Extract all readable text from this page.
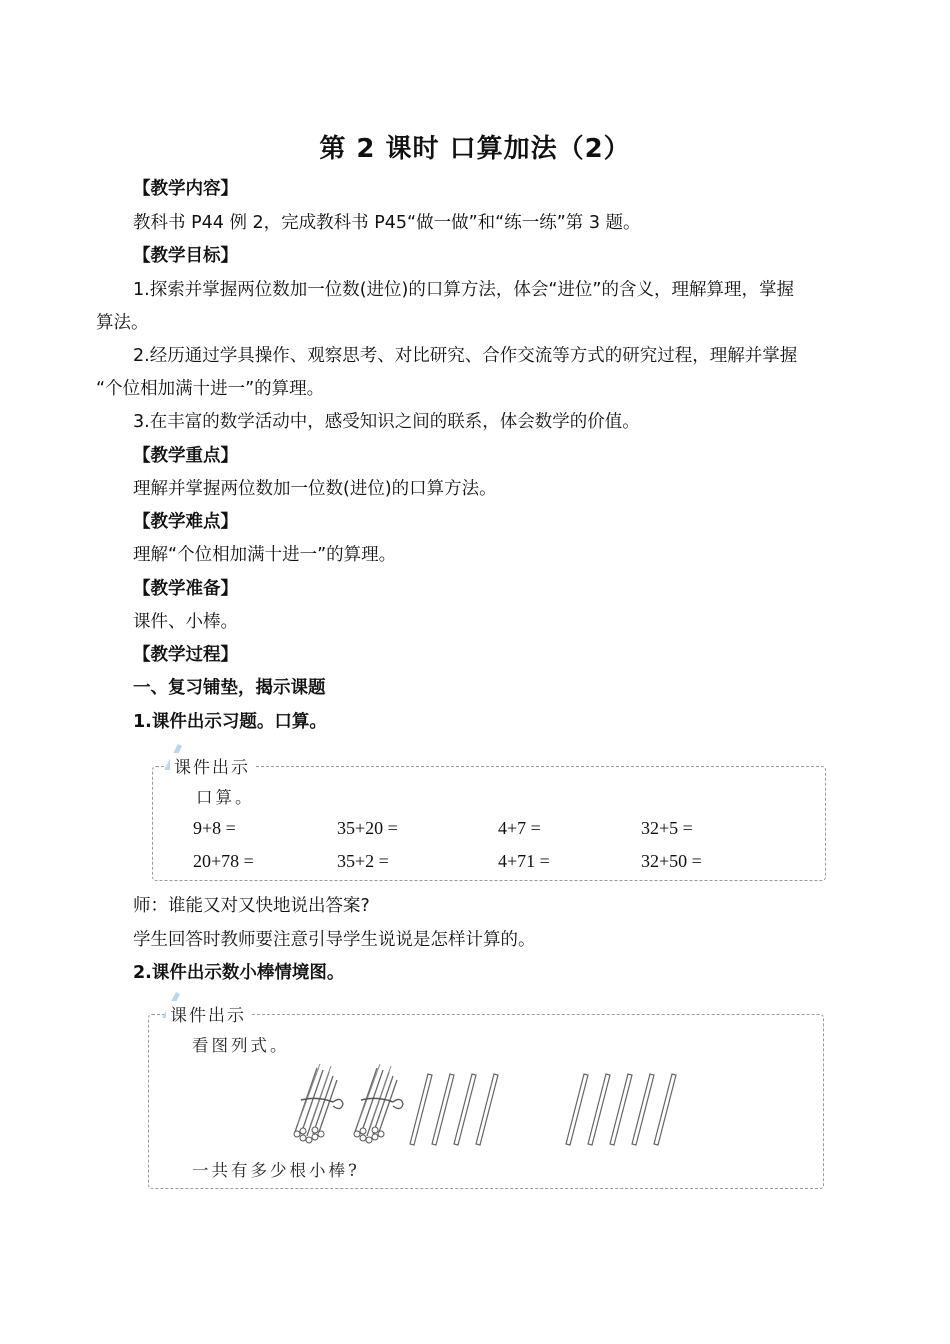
第 2 课时 口算加法（2）
【教学内容】
教科书 P44 例 2，完成教科书 P45“做一做”和“练一练”第 3 题。
【教学目标】
1.探索并掌握两位数加一位数(进位)的口算方法，体会“进位”的含义，理解算理，掌握
算法。
2.经历通过学具操作、观察思考、对比研究、合作交流等方式的研究过程，理解并掌握
“个位相加满十进一”的算理。
3.在丰富的数学活动中，感受知识之间的联系，体会数学的价值。
【教学重点】
理解并掌握两位数加一位数(进位)的口算方法。
【教学难点】
理解“个位相加满十进一”的算理。
【教学准备】
课件、小棒。
【教学过程】
一、复习铺垫，揭示课题
1.课件出示习题。口算。
课件出示
口算。
9+8 =	35+20 =	4+7 =	32+5 =
20+78 =	35+2 =	4+71 =	32+50 =
师：谁能又对又快地说出答案?
学生回答时教师要注意引导学生说说是怎样计算的。
2.课件出示数小棒情境图。
课件出示
看图列式。
一共有多少根小棒?
